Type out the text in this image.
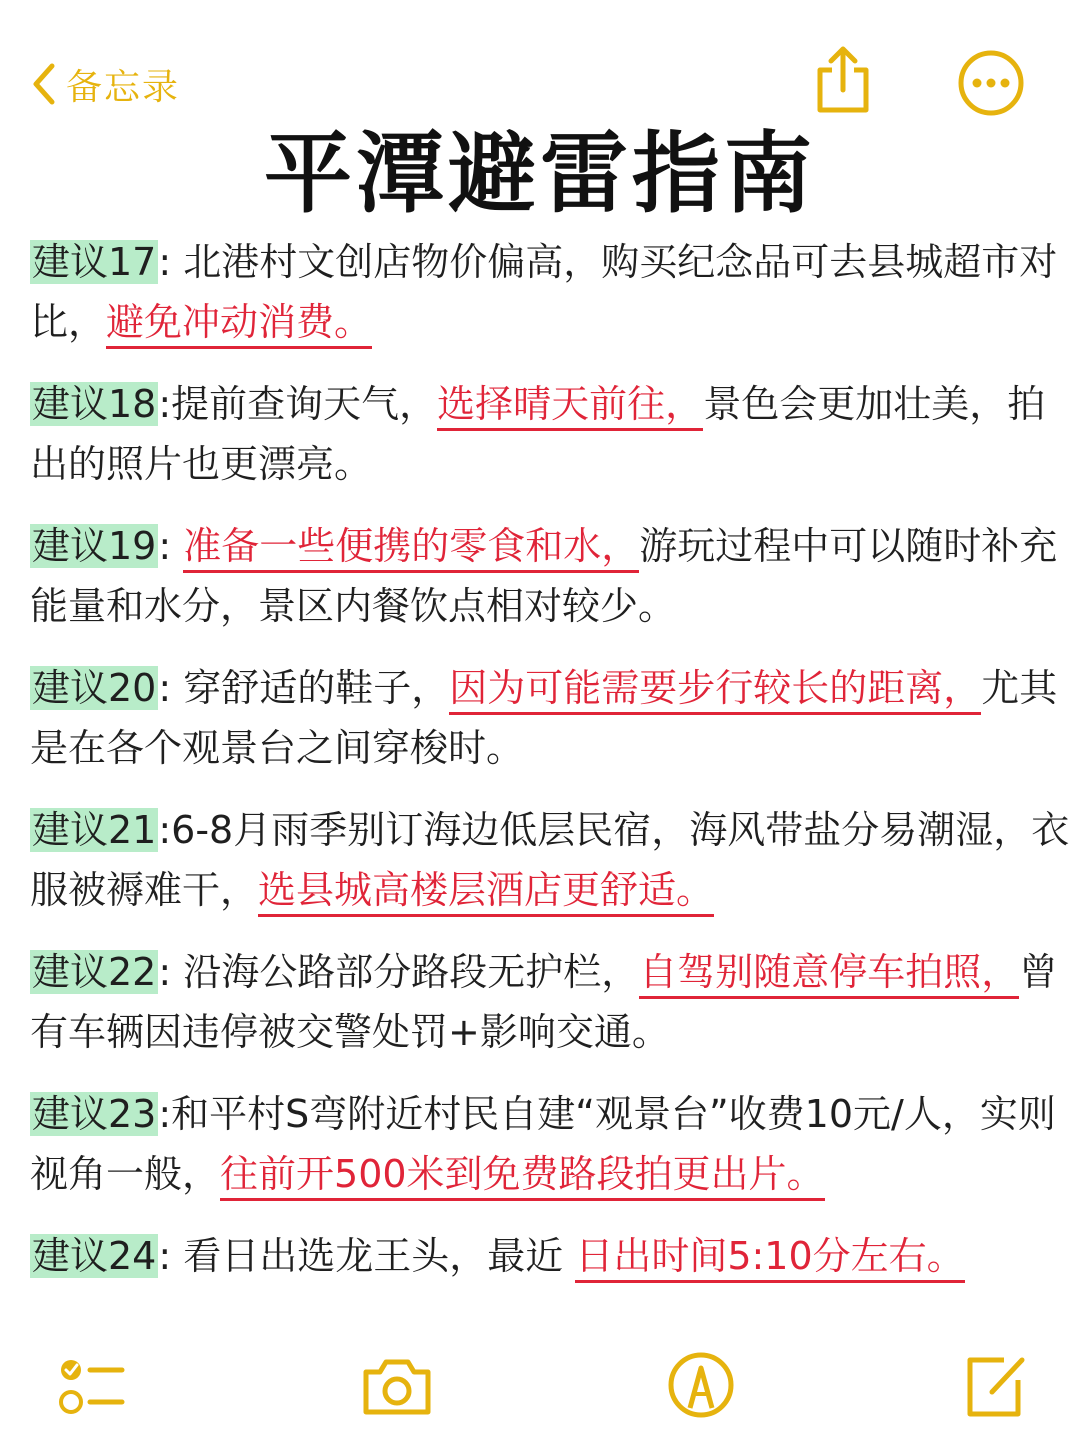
备忘录
平潭避雷指南
建议17: 北港村文创店物价偏高，购买纪念品可去县城超市对比，避免冲动消费。
建议18:提前查询天气，选择晴天前往，景色会更加壮美，拍出的照片也更漂亮。
建议19: 准备一些便携的零食和水，游玩过程中可以随时补充能量和水分，景区内餐饮点相对较少。
建议20: 穿舒适的鞋子，因为可能需要步行较长的距离，尤其是在各个观景台之间穿梭时。
建议21:6-8月雨季别订海边低层民宿，海风带盐分易潮湿，衣服被褥难干，选县城高楼层酒店更舒适。
建议22: 沿海公路部分路段无护栏，自驾别随意停车拍照，曾有车辆因违停被交警处罚+影响交通。
建议23:和平村S弯附近村民自建“观景台”收费10元/人，实则视角一般，往前开500米到免费路段拍更出片。
建议24: 看日出选龙王头，最近 日出时间5:10分左右。
